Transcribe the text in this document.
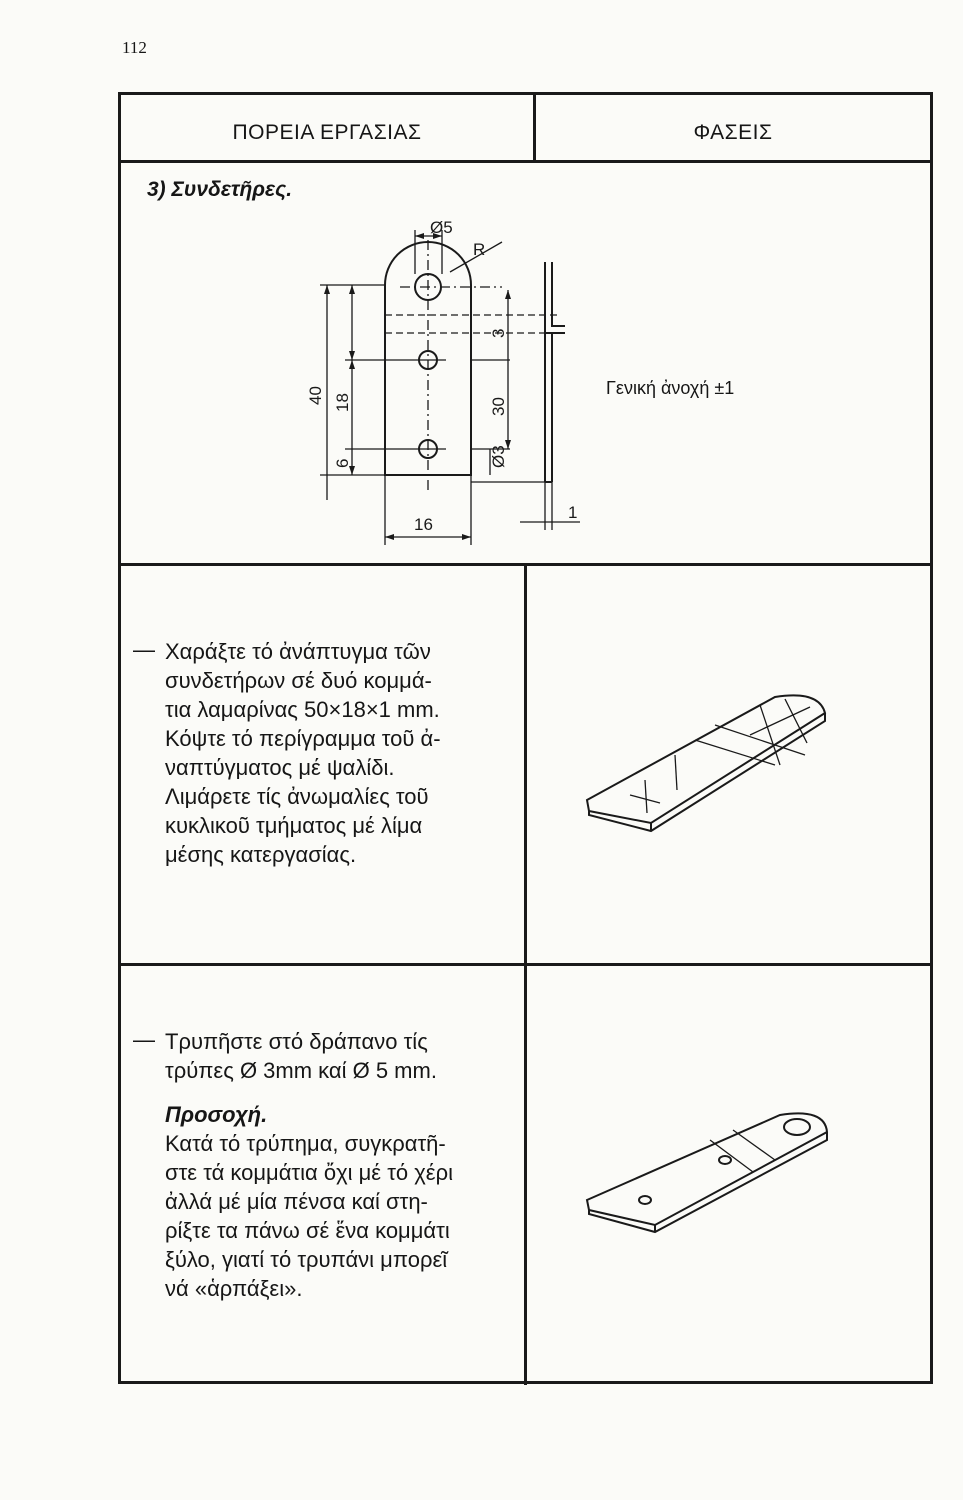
112
ΠΟΡΕΙΑ ΕΡΓΑΣΙΑΣ	ΦΑΣΕΙΣ
3) Συνδετῆρες.
Ø5
R
40 18
6
3
30
Ø3
16
1
Γενική ἀνοχή ±1
— Χαράξτε τό ἀνάπτυγμα τῶν
συνδετήρων σέ δυό κομμά-
τια λαμαρίνας 50×18×1 mm.
Κόψτε τό περίγραμμα τοῦ ἀ-
ναπτύγματος μέ ψαλίδι.
Λιμάρετε τίς ἀνωμαλίες τοῦ
κυκλικοῦ τμήματος μέ λίμα
μέσης κατεργασίας.
— Τρυπῆστε στό δράπανο τίς
τρύπες Ø 3mm καί Ø 5 mm.
Προσοχή.
Κατά τό τρύπημα, συγκρατῆ-
στε τά κομμάτια ὄχι μέ τό χέρι
ἀλλά μέ μία πένσα καί στη-
ρίξτε τα πάνω σέ ἕνα κομμάτι
ξύλο, γιατί τό τρυπάνι μπορεῖ
νά «ἁρπάξει».
